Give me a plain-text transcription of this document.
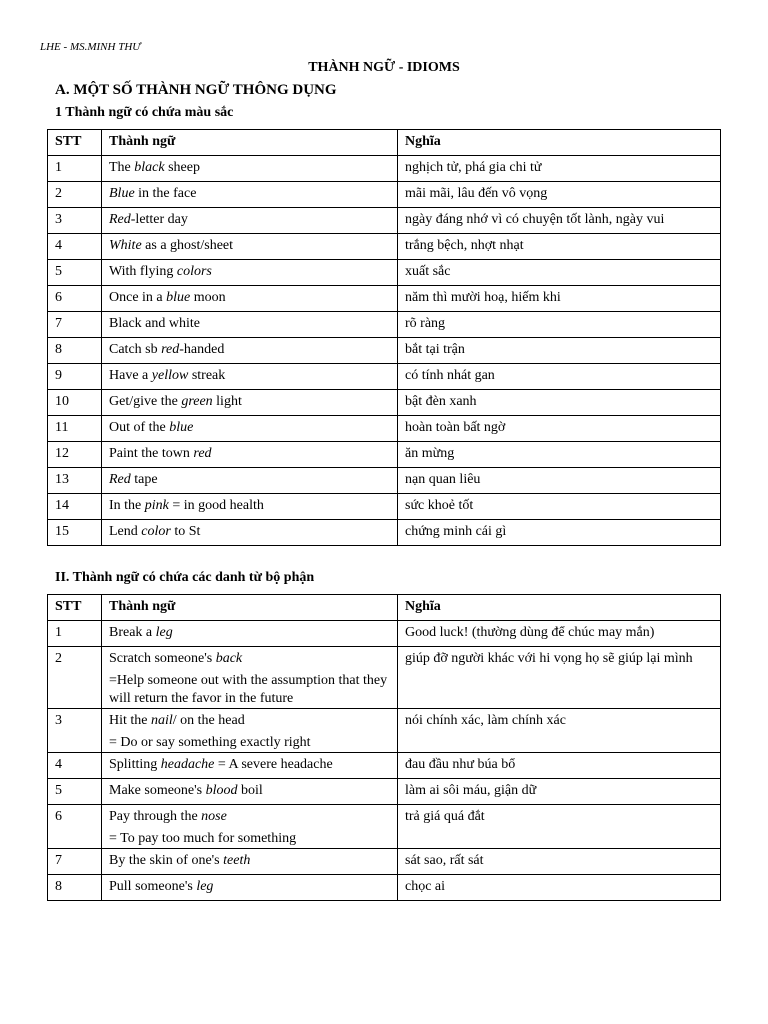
LHE - MS.MINH THƯ
THÀNH NGỮ - IDIOMS
A. MỘT SỐ THÀNH NGỮ THÔNG DỤNG
1 Thành ngữ có chứa màu sắc
STT	Thành ngữ	Nghĩa
1	The black sheep	nghịch tử, phá gia chi tử
2	Blue in the face	mãi mãi, lâu đến vô vọng
3	Red-letter day	ngày đáng nhớ vì có chuyện tốt lành, ngày vui
4	White as a ghost/sheet	trắng bệch, nhợt nhạt
5	With flying colors	xuất sắc
6	Once in a blue moon	năm thì mười hoạ, hiếm khi
7	Black and white	rõ ràng
8	Catch sb red-handed	bắt tại trận
9	Have a yellow streak	có tính nhát gan
10	Get/give the green light	bật đèn xanh
11	Out of the blue	hoàn toàn bất ngờ
12	Paint the town red	ăn mừng
13	Red tape	nạn quan liêu
14	In the pink = in good health	sức khoẻ tốt
15	Lend color to St	chứng minh cái gì
II. Thành ngữ có chứa các danh từ bộ phận
STT	Thành ngữ	Nghĩa
1	Break a leg	Good luck! (thường dùng để chúc may mắn)
2	Scratch someone's back
=Help someone out with the assumption that they will return the favor in the future	giúp đỡ người khác với hi vọng họ sẽ giúp lại mình
3	Hit the nail/ on the head
= Do or say something exactly right	nói chính xác, làm chính xác
4	Splitting headache = A severe headache	đau đầu như búa bổ
5	Make someone's blood boil	làm ai sôi máu, giận dữ
6	Pay through the nose
= To pay too much for something	trả giá quá đắt
7	By the skin of one's teeth	sát sao, rất sát
8	Pull someone's leg	chọc ai
